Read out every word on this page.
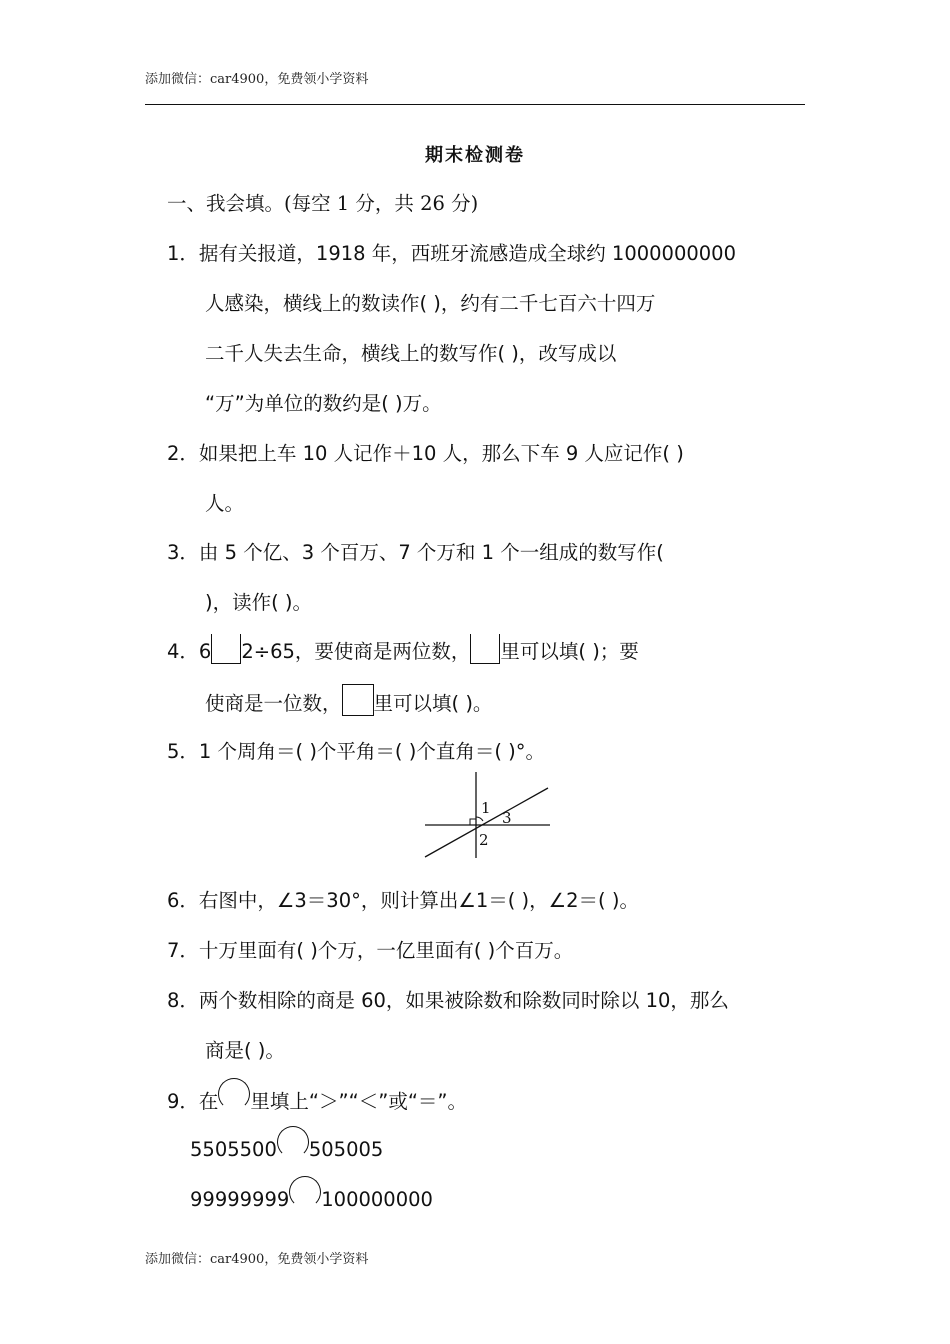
添加微信：car4900，免费领小学资料
期末检测卷
一、我会填。(每空 1 分，共 26 分)
1．据有关报道，1918 年，西班牙流感造成全球约 1000000000
人感染，横线上的数读作( )，约有二千七百六十四万
二千人失去生命，横线上的数写作( )，改写成以
“万”为单位的数约是( )万。
2．如果把上车 10 人记作＋10 人，那么下车 9 人应记作( )
人。
3．由 5 个亿、3 个百万、7 个万和 1 个一组成的数写作(
)，读作( )。
4．6 2÷65，要使商是两位数， 里可以填( )；要
使商是一位数， 里可以填( )。
5．1 个周角＝( )个平角＝( )个直角＝( )°。
1
3
2
6．右图中，∠3＝30°，则计算出∠1＝( )，∠2＝( )。
7．十万里面有( )个万，一亿里面有( )个百万。
8．两个数相除的商是 60，如果被除数和除数同时除以 10，那么
商是( )。
9．在 里填上“＞”“＜”或“＝”。
5505500 505005
99999999 100000000
添加微信：car4900，免费领小学资料
